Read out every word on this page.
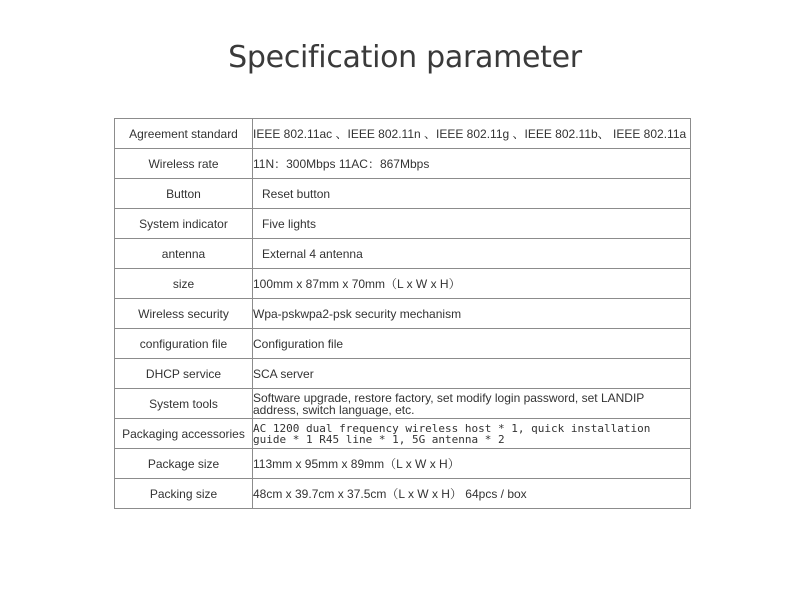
Specification parameter
Agreement standard	IEEE 802.11ac 、IEEE 802.11n 、IEEE 802.11g 、IEEE 802.11b、 IEEE 802.11a
Wireless rate	11N：300Mbps 11AC：867Mbps
Button	Reset button
System indicator	Five lights
antenna	External 4 antenna
size	100mm x 87mm x 70mm（L x W x H）
Wireless security	Wpa-pskwpa2-psk security mechanism
configuration file	Configuration file
DHCP service	SCA server
System tools	Software upgrade, restore factory, set modify login password, set LANDIP address, switch language, etc.
Packaging accessories	AC 1200 dual frequency wireless host * 1, quick installation guide * 1 R45 line * 1, 5G antenna * 2
Package size	113mm x 95mm x 89mm（L x W x H）
Packing size	48cm x 39.7cm x 37.5cm（L x W x H） 64pcs / box
